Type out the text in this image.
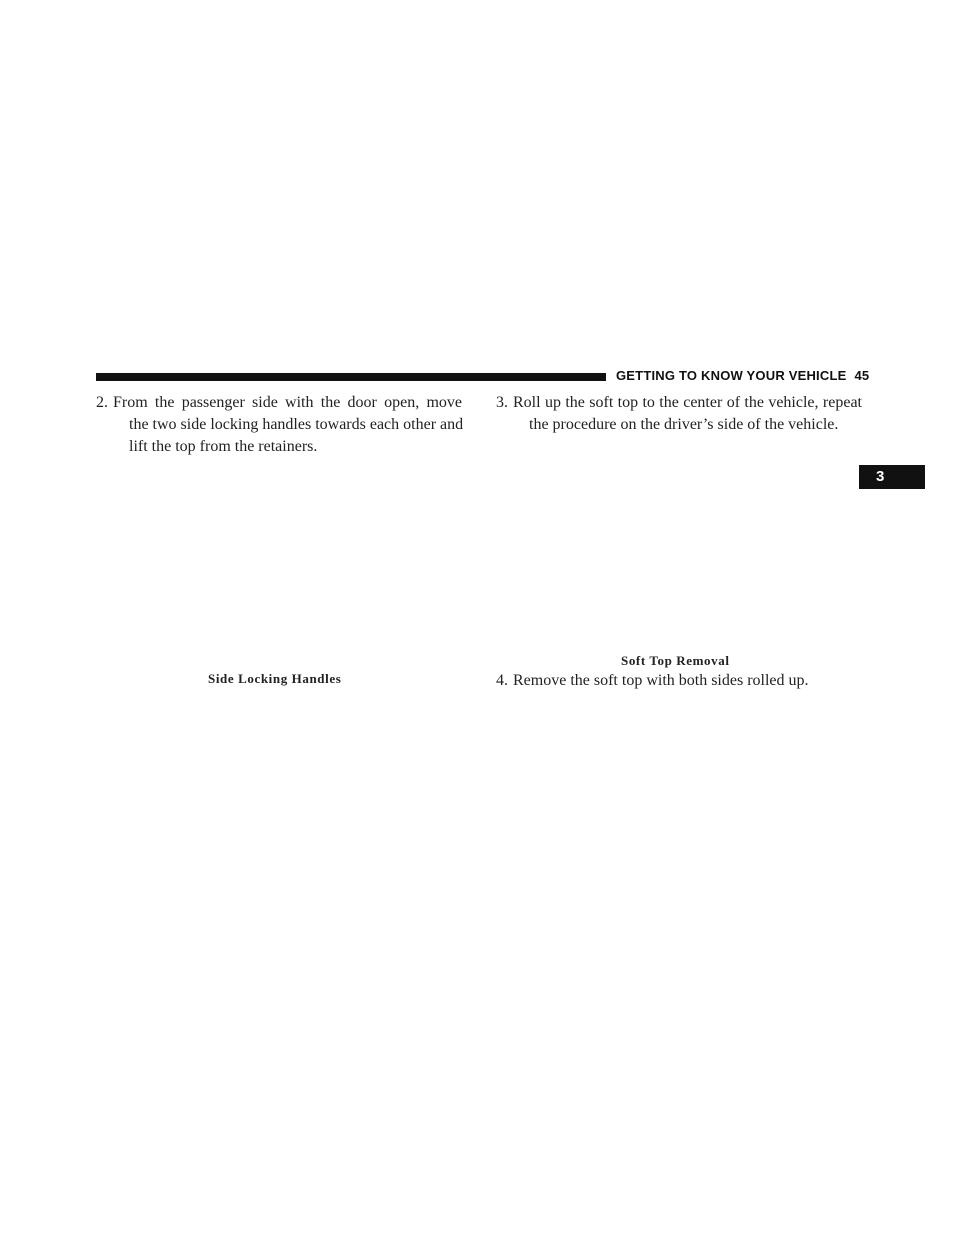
GETTING TO KNOW YOUR VEHICLE 45
3
2. From the passenger side with the door open, move
the two side locking handles towards each other and
lift the top from the retainers.
Side Locking Handles
3. Roll up the soft top to the center of the vehicle, repeat
the procedure on the driver’s side of the vehicle.
Soft Top Removal
4. Remove the soft top with both sides rolled up.
